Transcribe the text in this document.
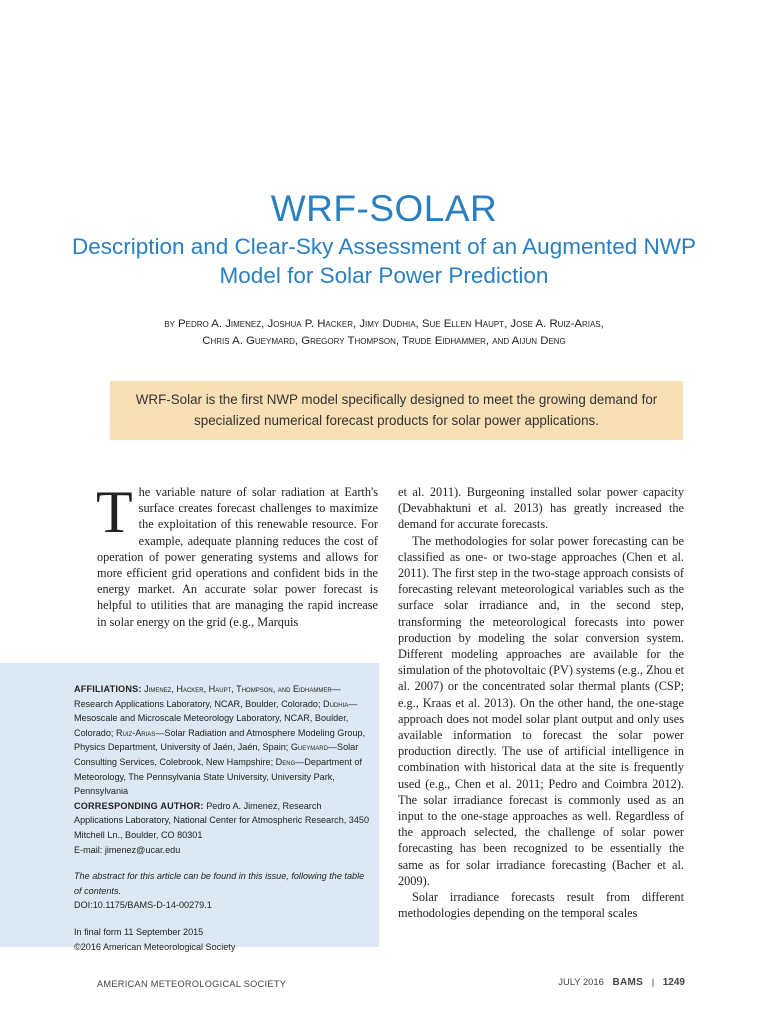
WRF-SOLAR
Description and Clear-Sky Assessment of an Augmented NWP Model for Solar Power Prediction
by Pedro A. Jimenez, Joshua P. Hacker, Jimy Dudhia, Sue Ellen Haupt, Jose A. Ruiz-Arias,
Chris A. Gueymard, Gregory Thompson, Trude Eidhammer, and Aijun Deng
WRF-Solar is the first NWP model specifically designed to meet the growing demand for specialized numerical forecast products for solar power applications.
T he variable nature of solar radiation at Earth's surface creates forecast challenges to maximize the exploitation of this renewable resource. For example, adequate planning reduces the cost of operation of power generating systems and allows for more efficient grid operations and confident bids in the energy market. An accurate solar power forecast is helpful to utilities that are managing the rapid increase in solar energy on the grid (e.g., Marquis

et al. 2011). Burgeoning installed solar power capacity (Devabhaktuni et al. 2013) has greatly increased the demand for accurate forecasts.

The methodologies for solar power forecasting can be classified as one- or two-stage approaches (Chen et al. 2011). The first step in the two-stage approach consists of forecasting relevant meteorological variables such as the surface solar irradiance and, in the second step, transforming the meteorological forecasts into power production by modeling the solar conversion system. Different modeling approaches are available for the simulation of the photovoltaic (PV) systems (e.g., Zhou et al. 2007) or the concentrated solar thermal plants (CSP; e.g., Kraas et al. 2013). On the other hand, the one-stage approach does not model solar plant output and only uses available information to forecast the solar power production directly. The use of artificial intelligence in combination with historical data at the site is frequently used (e.g., Chen et al. 2011; Pedro and Coimbra 2012). The solar irradiance forecast is commonly used as an input to the one-stage approaches as well. Regardless of the approach selected, the challenge of solar power forecasting has been recognized to be essentially the same as for solar irradiance forecasting (Bacher et al. 2009).

Solar irradiance forecasts result from different methodologies depending on the temporal scales

AFFILIATIONS: Jimenez, Hacker, Haupt, Thompson, and Eidhammer—Research Applications Laboratory, NCAR, Boulder, Colorado; Dudhia—Mesoscale and Microscale Meteorology Laboratory, NCAR, Boulder, Colorado; Ruiz-Arias—Solar Radiation and Atmosphere Modeling Group, Physics Department, University of Jaén, Jaén, Spain; Gueymard—Solar Consulting Services, Colebrook, New Hampshire; Deng—Department of Meteorology, The Pennsylvania State University, University Park, Pennsylvania
CORRESPONDING AUTHOR: Pedro A. Jimenez, Research Applications Laboratory, National Center for Atmospheric Research, 3450 Mitchell Ln., Boulder, CO 80301
E-mail: jimenez@ucar.edu
The abstract for this article can be found in this issue, following the table of contents.
DOI:10.1175/BAMS-D-14-00279.1
In final form 11 September 2015
©2016 American Meteorological Society
AMERICAN METEOROLOGICAL SOCIETY	JULY 2016 BAMS | 1249
